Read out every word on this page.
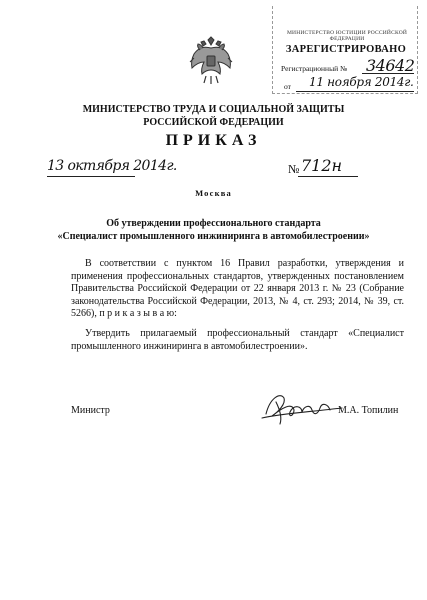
МИНИСТЕРСТВО ЮСТИЦИИ РОССИЙСКОЙ ФЕДЕРАЦИИ
ЗАРЕГИСТРИРОВАНО
Регистрационный № 34642
от 11 ноября 2014г.
МИНИСТЕРСТВО ТРУДА И СОЦИАЛЬНОЙ ЗАЩИТЫ
РОССИЙСКОЙ ФЕДЕРАЦИИ
ПРИКАЗ
13 октября 2014г.	№ 712н
Москва
Об утверждении профессионального стандарта
«Специалист промышленного инжиниринга в автомобилестроении»
В соответствии с пунктом 16 Правил разработки, утверждения и применения профессиональных стандартов, утвержденных постановлением Правительства Российской Федерации от 22 января 2013 г. № 23 (Собрание законодательства Российской Федерации, 2013, № 4, ст. 293; 2014, № 39, ст. 5266), п р и к а з ы в а ю:
Утвердить прилагаемый профессиональный стандарт «Специалист промышленного инжиниринга в автомобилестроении».
Министр	М.А. Топилин
